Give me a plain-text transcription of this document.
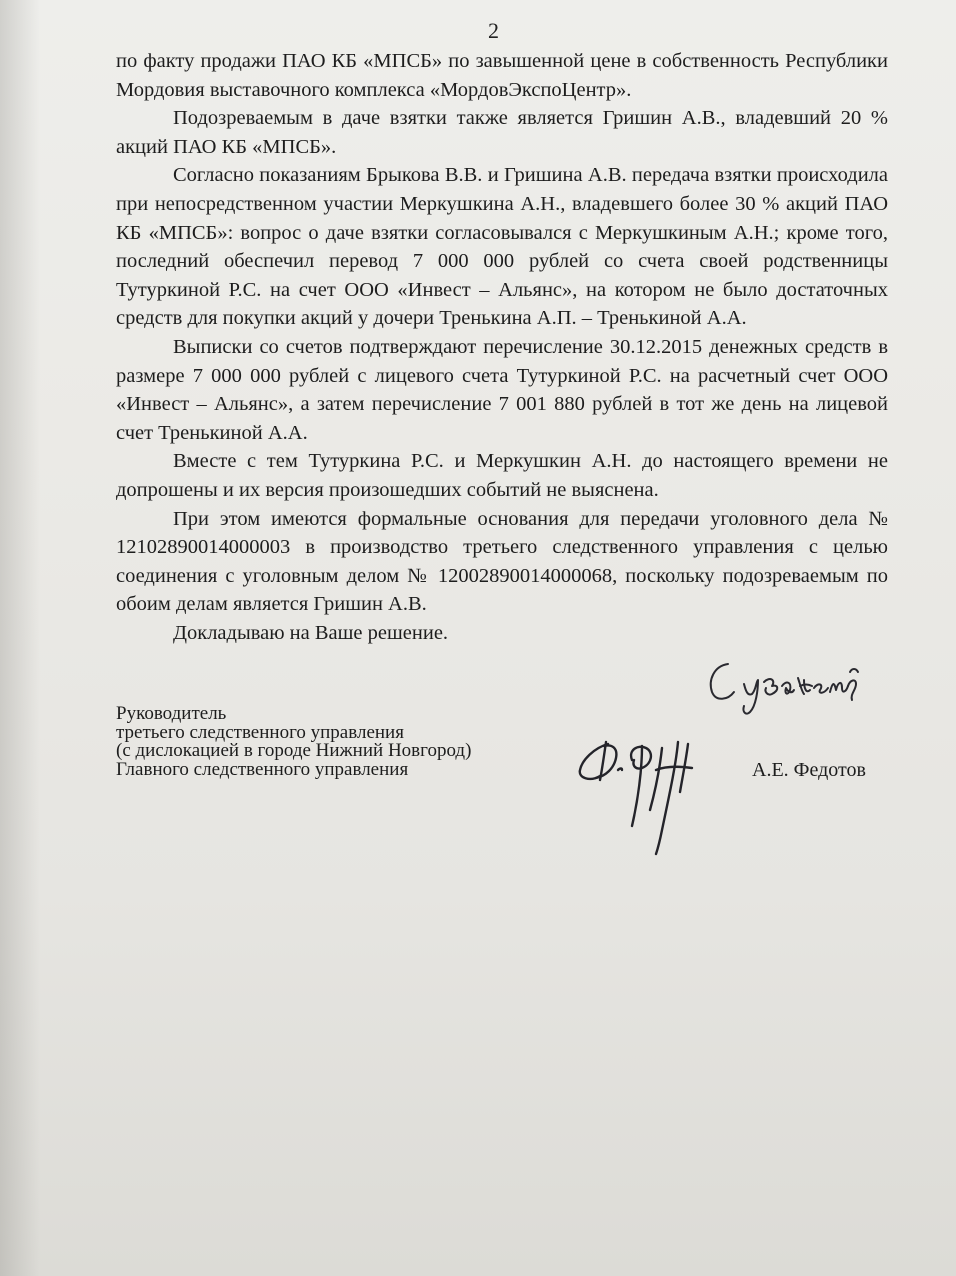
2

по факту продажи ПАО КБ «МПСБ» по завышенной цене в собственность Республики Мордовия выставочного комплекса «МордовЭкспоЦентр».

Подозреваемым в даче взятки также является Гришин А.В., владевший 20 % акций ПАО КБ «МПСБ».

Согласно показаниям Брыкова В.В. и Гришина А.В. передача взятки происходила при непосредственном участии Меркушкина А.Н., владевшего более 30 % акций ПАО КБ «МПСБ»: вопрос о даче взятки согласовывался с Меркушкиным А.Н.; кроме того, последний обеспечил перевод 7 000 000 рублей со счета своей родственницы Тутуркиной Р.С. на счет ООО «Инвест – Альянс», на котором не было достаточных средств для покупки акций у дочери Тренькина А.П. – Тренькиной А.А.

Выписки со счетов подтверждают перечисление 30.12.2015 денежных средств в размере 7 000 000 рублей с лицевого счета Тутуркиной Р.С. на расчетный счет ООО «Инвест – Альянс», а затем перечисление 7 001 880 рублей в тот же день на лицевой счет Тренькиной А.А.

Вместе с тем Тутуркина Р.С. и Меркушкин А.Н. до настоящего времени не допрошены и их версия произошедших событий не выяснена.

При этом имеются формальные основания для передачи уголовного дела № 12102890014000003 в производство третьего следственного управления с целью соединения с уголовным делом № 12002890014000068, поскольку подозреваемым по обоим делам является Гришин А.В.

Докладываю на Ваше решение.

Руководитель
третьего следственного управления
(с дислокацией в городе Нижний Новгород)
Главного следственного управления	А.Е. Федотов
